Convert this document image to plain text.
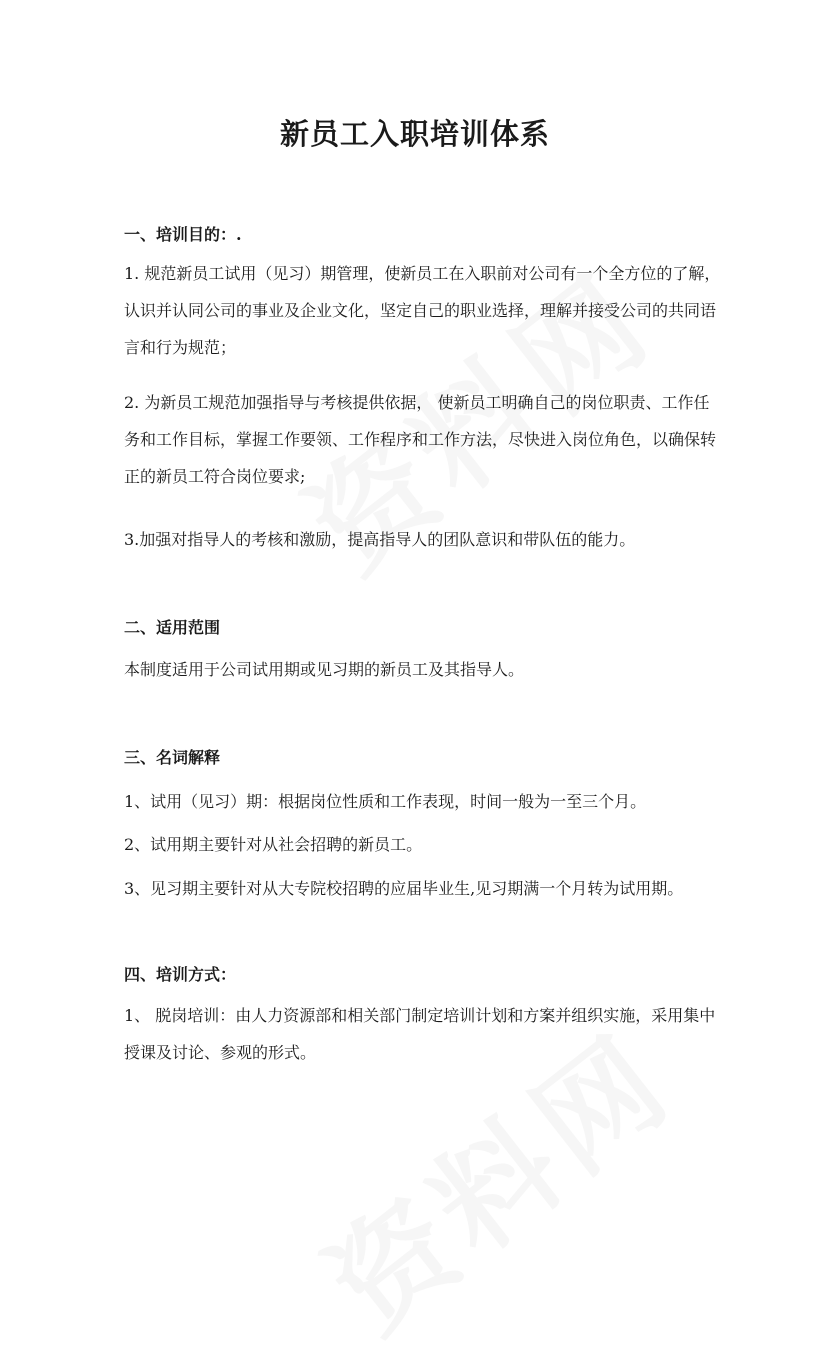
新员工入职培训体系
一、培训目的：.

1. 规范新员工试用（见习）期管理，使新员工在入职前对公司有一个全方位的了解，认识并认同公司的事业及企业文化，坚定自己的职业选择，理解并接受公司的共同语言和行为规范；

2. 为新员工规范加强指导与考核提供依据， 使新员工明确自己的岗位职责、工作任务和工作目标，掌握工作要领、工作程序和工作方法，尽快进入岗位角色，以确保转正的新员工符合岗位要求;

3.加强对指导人的考核和激励，提高指导人的团队意识和带队伍的能力。

二、适用范围

本制度适用于公司试用期或见习期的新员工及其指导人。

三、名词解释

1、试用（见习）期：根据岗位性质和工作表现，时间一般为一至三个月。

2、试用期主要针对从社会招聘的新员工。

3、见习期主要针对从大专院校招聘的应届毕业生,见习期满一个月转为试用期。

四、培训方式：

1、 脱岗培训：由人力资源部和相关部门制定培训计划和方案并组织实施，采用集中授课及讨论、参观的形式。
